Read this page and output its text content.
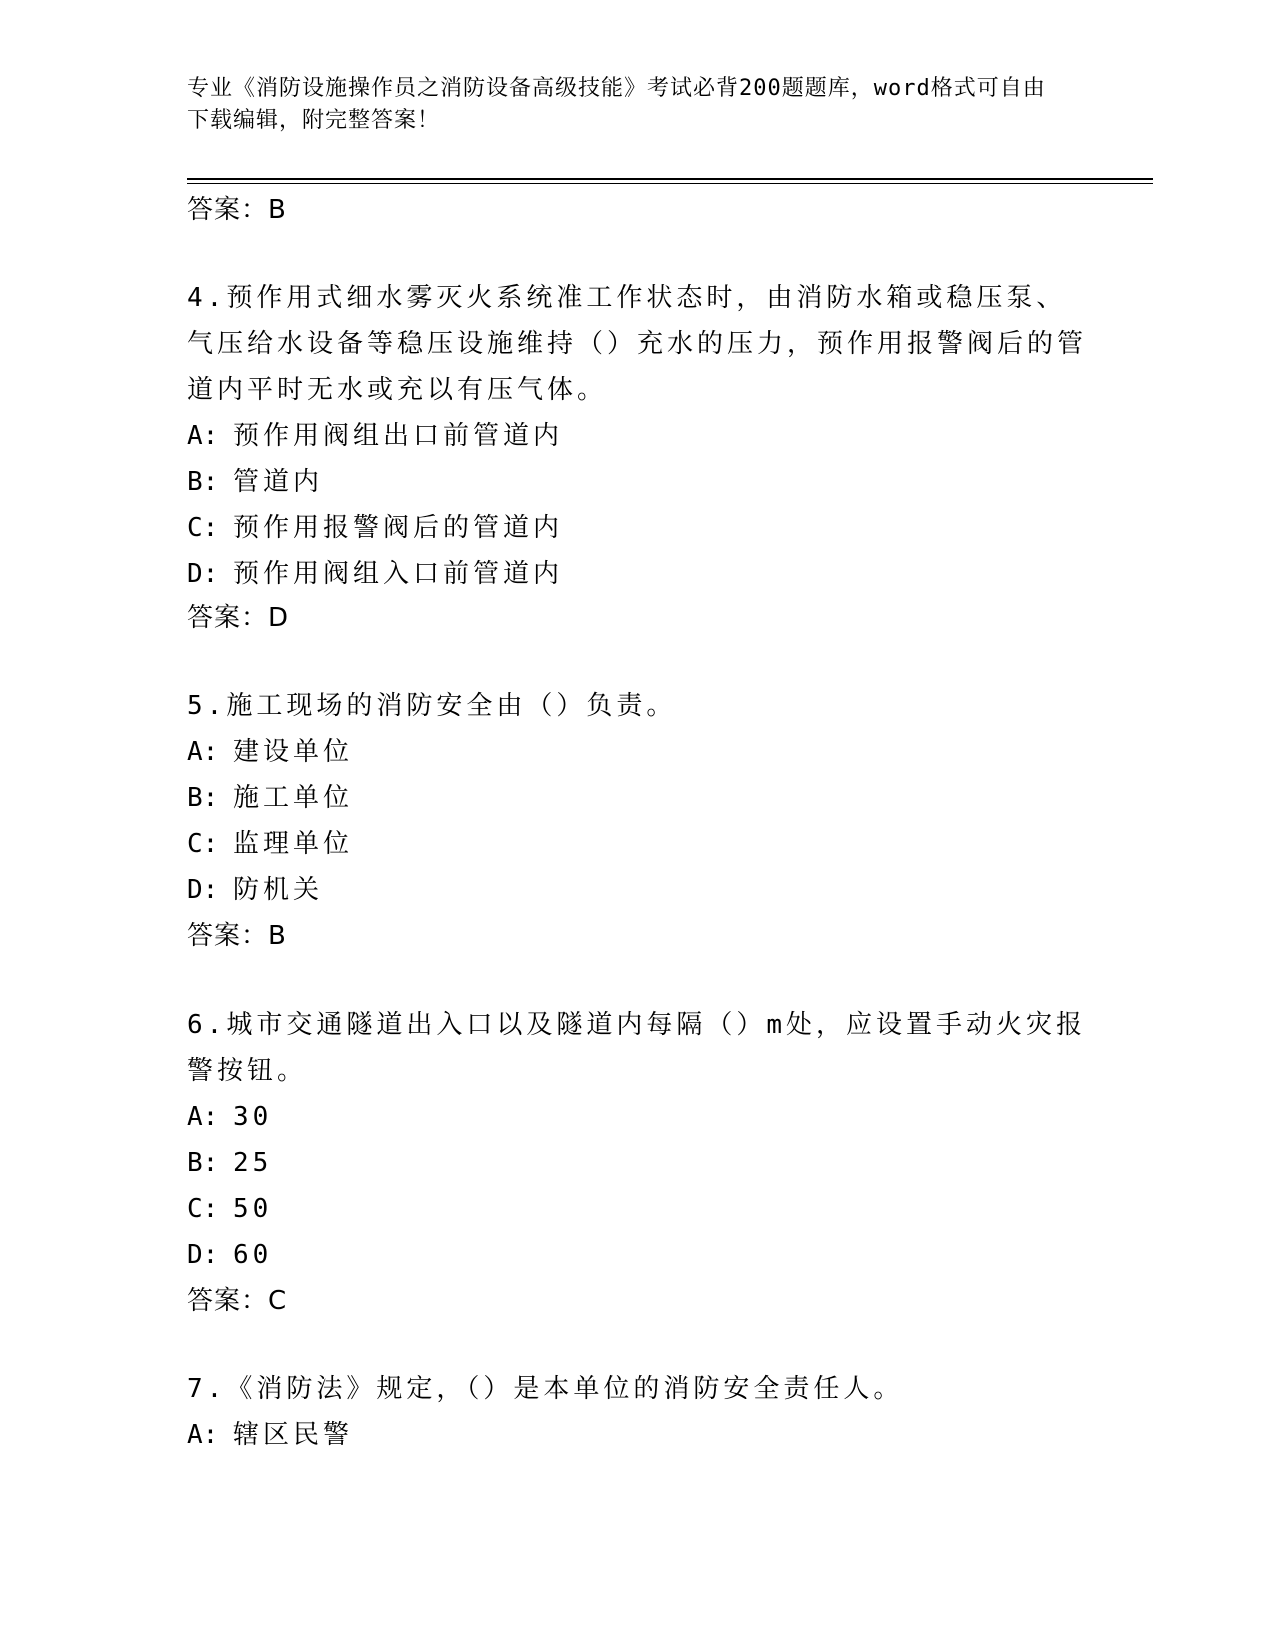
专业《消防设施操作员之消防设备高级技能》考试必背200题题库，word格式可自由下载编辑，附完整答案！
答案：B
4.预作用式细水雾灭火系统准工作状态时，由消防水箱或稳压泵、气压给水设备等稳压设施维持（）充水的压力，预作用报警阀后的管道内平时无水或充以有压气体。
A: 预作用阀组出口前管道内
B: 管道内
C: 预作用报警阀后的管道内
D: 预作用阀组入口前管道内
答案：D
5.施工现场的消防安全由（）负责。
A: 建设单位
B: 施工单位
C: 监理单位
D: 防机关
答案：B
6.城市交通隧道出入口以及隧道内每隔（）m处，应设置手动火灾报警按钮。
A: 30
B: 25
C: 50
D: 60
答案：C
7.《消防法》规定，（）是本单位的消防安全责任人。
A: 辖区民警
